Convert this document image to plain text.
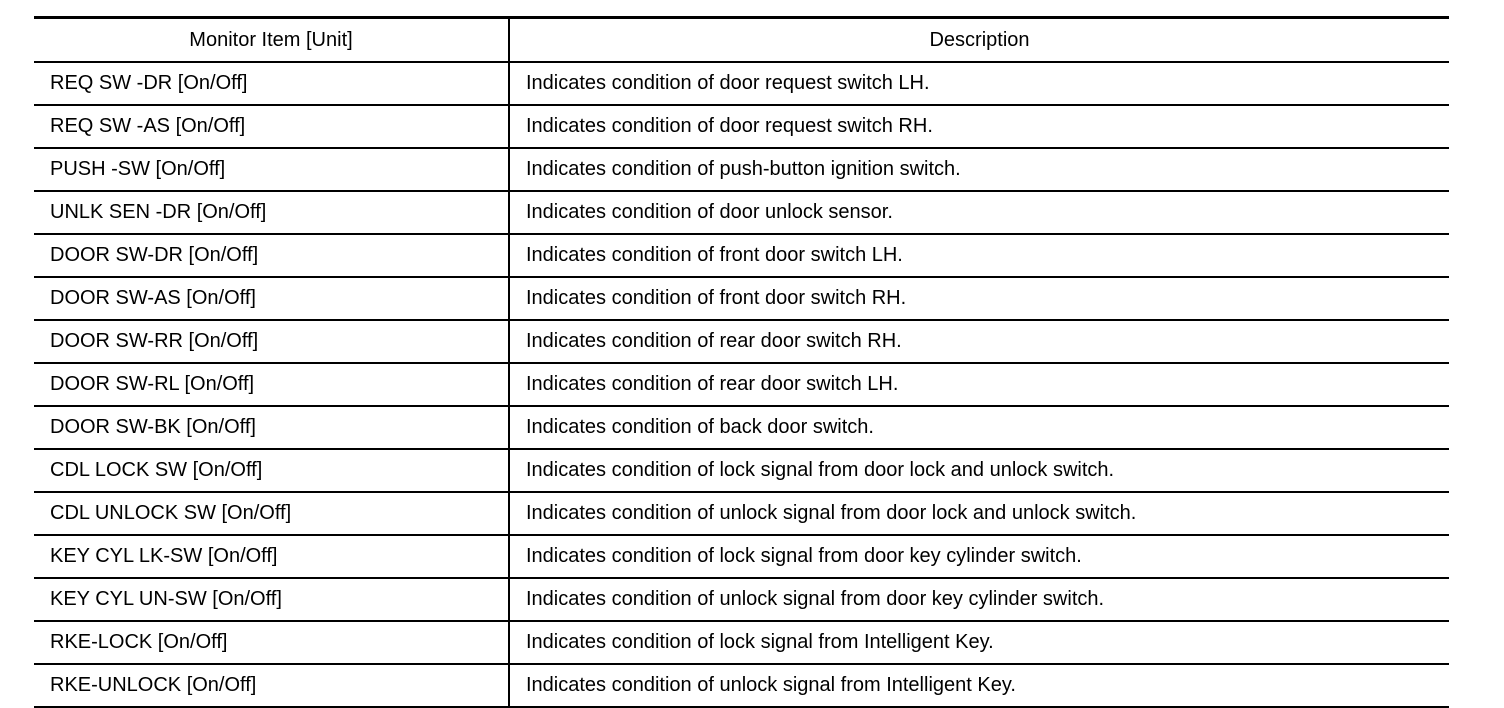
Monitor Item [Unit]	Description
REQ SW -DR [On/Off]	Indicates condition of door request switch LH.
REQ SW -AS [On/Off]	Indicates condition of door request switch RH.
PUSH -SW [On/Off]	Indicates condition of push-button ignition switch.
UNLK SEN -DR [On/Off]	Indicates condition of door unlock sensor.
DOOR SW-DR [On/Off]	Indicates condition of front door switch LH.
DOOR SW-AS [On/Off]	Indicates condition of front door switch RH.
DOOR SW-RR [On/Off]	Indicates condition of rear door switch RH.
DOOR SW-RL [On/Off]	Indicates condition of rear door switch LH.
DOOR SW-BK [On/Off]	Indicates condition of back door switch.
CDL LOCK SW [On/Off]	Indicates condition of lock signal from door lock and unlock switch.
CDL UNLOCK SW [On/Off]	Indicates condition of unlock signal from door lock and unlock switch.
KEY CYL LK-SW [On/Off]	Indicates condition of lock signal from door key cylinder switch.
KEY CYL UN-SW [On/Off]	Indicates condition of unlock signal from door key cylinder switch.
RKE-LOCK [On/Off]	Indicates condition of lock signal from Intelligent Key.
RKE-UNLOCK [On/Off]	Indicates condition of unlock signal from Intelligent Key.
